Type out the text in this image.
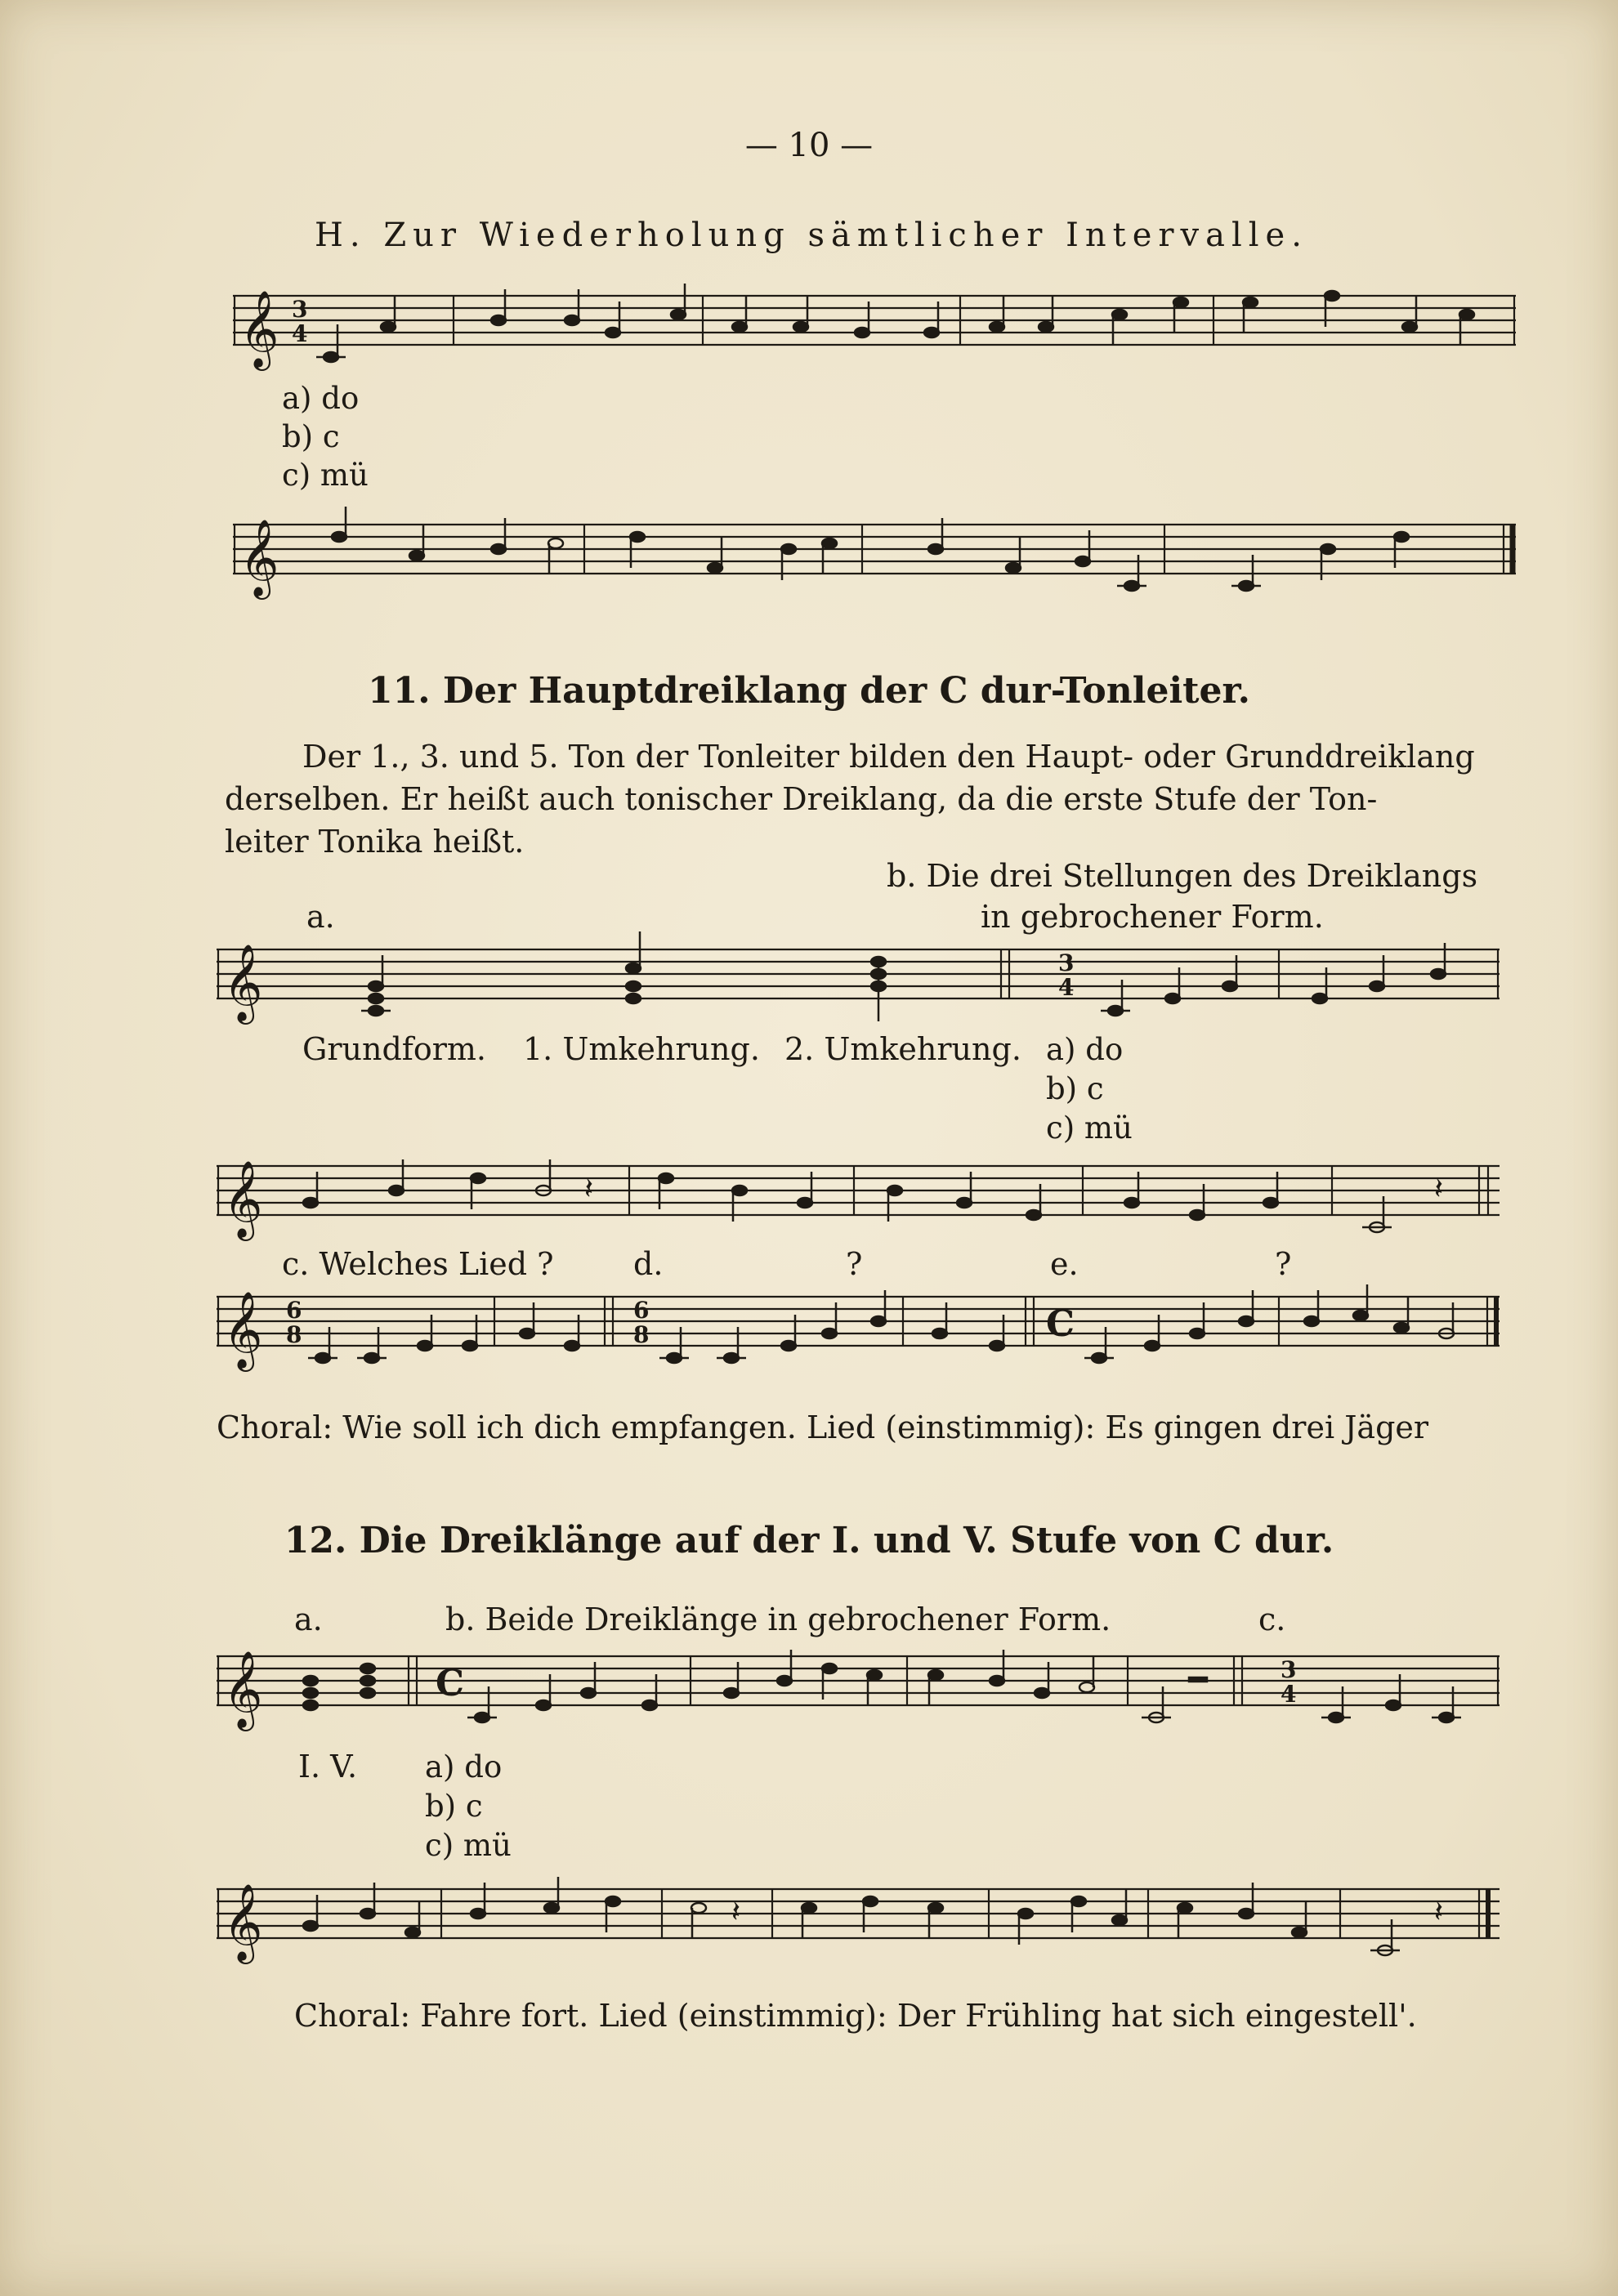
— 10 —
H. Zur Wiederholung sämtlicher Intervalle.
𝄞 3
4
a) do
b) c
c) mü
𝄞
11. Der Hauptdreiklang der C dur-Tonleiter.
Der 1., 3. und 5. Ton der Tonleiter bilden den Haupt- oder Grunddreiklang
derselben. Er heißt auch tonischer Dreiklang, da die erste Stufe der Ton-
leiter Tonika heißt.
b. Die drei Stellungen des Dreiklangs
a.	in gebrochener Form.
𝄞	3
4
Grundform. 1. Umkehrung. 2. Umkehrung. a) do
b) c
c) mü
𝄞	𝄽	𝄽
c. Welches Lied ?	d.	?	e.	?
𝄞 6
8
6
8	C
Choral: Wie soll ich dich empfangen. Lied (einstimmig): Es gingen drei Jäger
12. Die Dreiklänge auf der I. und V. Stufe von C dur.
a.	b. Beide Dreiklänge in gebrochener Form.	c.
𝄞	C	3
4
I. V. a) do
b) c
c) mü
𝄞	𝄽	𝄽
Choral: Fahre fort. Lied (einstimmig): Der Frühling hat sich eingestell'.
